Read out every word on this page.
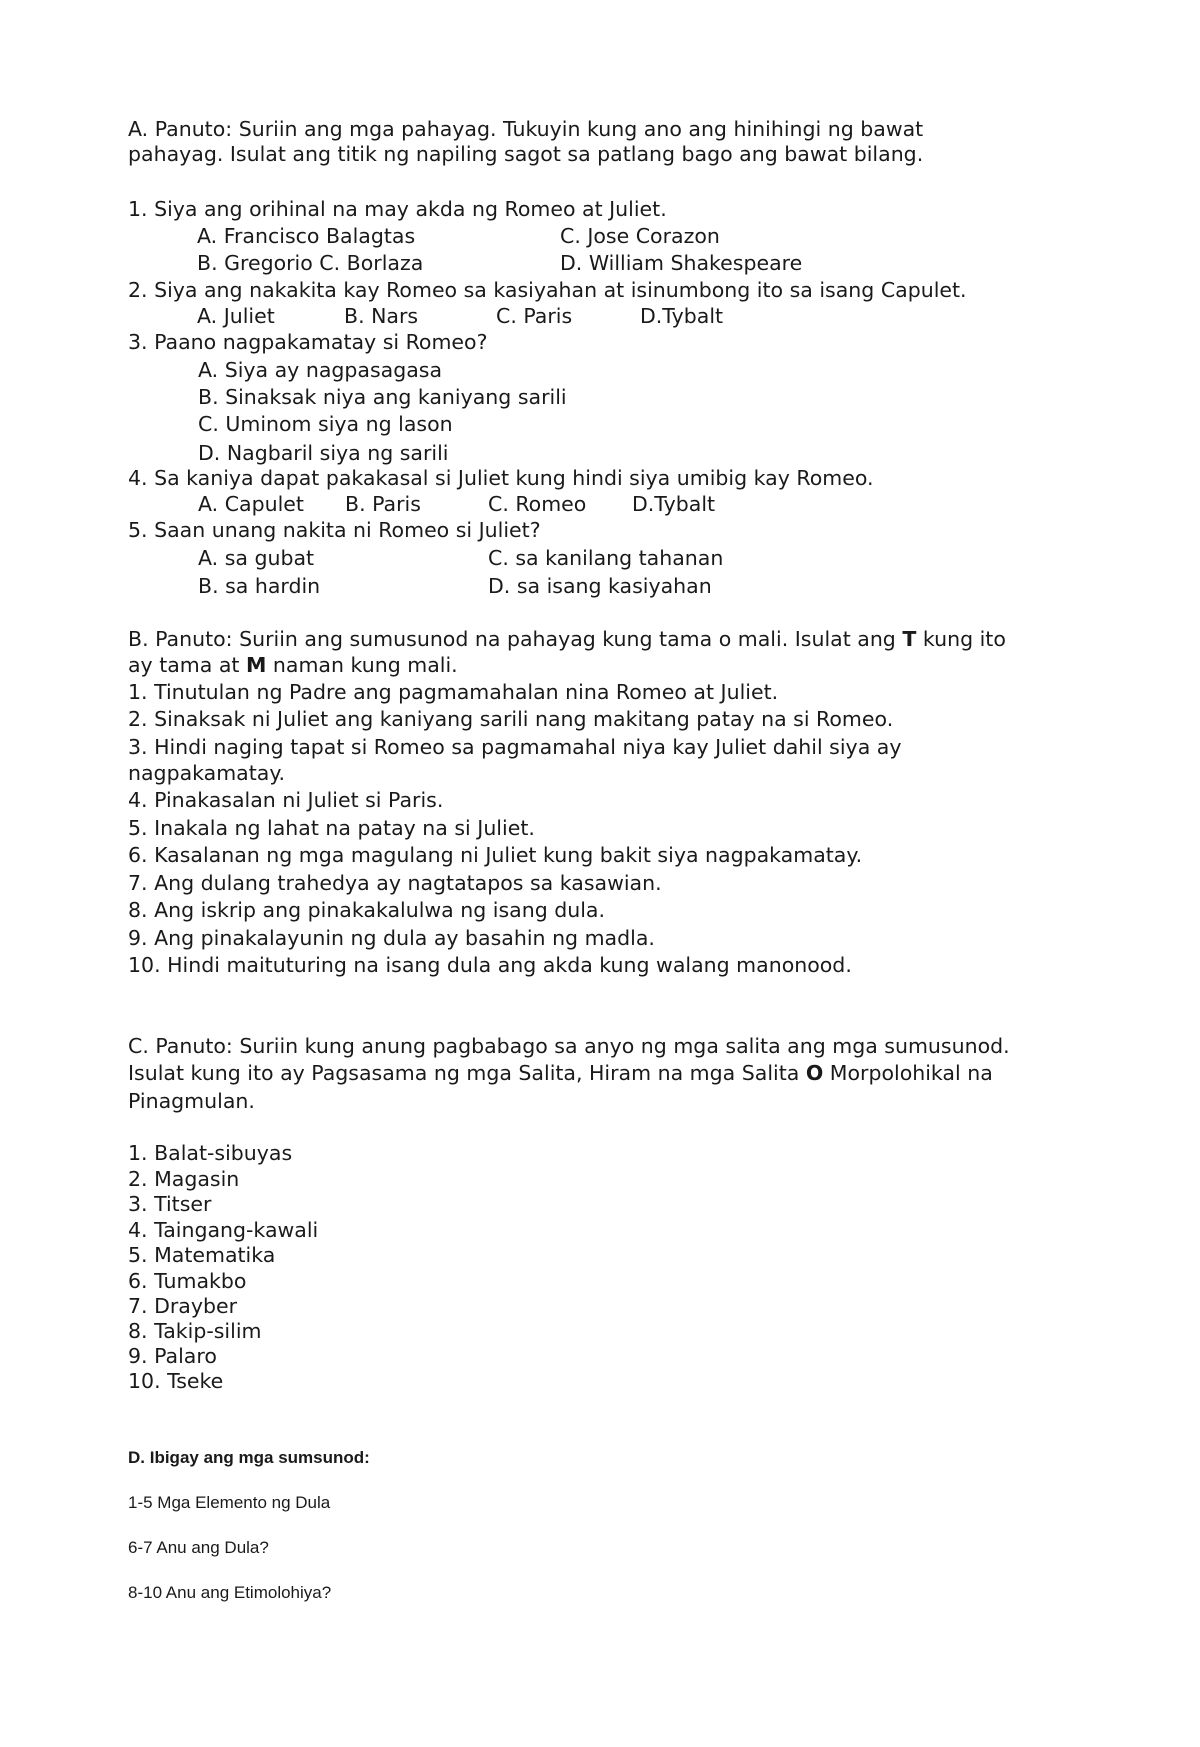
A. Panuto: Suriin ang mga pahayag. Tukuyin kung ano ang hinihingi ng bawat
pahayag. Isulat ang titik ng napiling sagot sa patlang bago ang bawat bilang.
1. Siya ang orihinal na may akda ng Romeo at Juliet.
A. Francisco Balagtas	C. Jose Corazon
B. Gregorio C. Borlaza	D. William Shakespeare
2. Siya ang nakakita kay Romeo sa kasiyahan at isinumbong ito sa isang Capulet.
A. Juliet	B. Nars	C. Paris	D.Tybalt
3. Paano nagpakamatay si Romeo?
A. Siya ay nagpasagasa
B. Sinaksak niya ang kaniyang sarili
C. Uminom siya ng lason
D. Nagbaril siya ng sarili
4. Sa kaniya dapat pakakasal si Juliet kung hindi siya umibig kay Romeo.
A. Capulet B. Paris	C. Romeo D.Tybalt
5. Saan unang nakita ni Romeo si Juliet?
A. sa gubat	C. sa kanilang tahanan
B. sa hardin	D. sa isang kasiyahan
B. Panuto: Suriin ang sumusunod na pahayag kung tama o mali. Isulat ang T kung ito
ay tama at M naman kung mali.
1. Tinutulan ng Padre ang pagmamahalan nina Romeo at Juliet.
2. Sinaksak ni Juliet ang kaniyang sarili nang makitang patay na si Romeo.
3. Hindi naging tapat si Romeo sa pagmamahal niya kay Juliet dahil siya ay
nagpakamatay.
4. Pinakasalan ni Juliet si Paris.
5. Inakala ng lahat na patay na si Juliet.
6. Kasalanan ng mga magulang ni Juliet kung bakit siya nagpakamatay.
7. Ang dulang trahedya ay nagtatapos sa kasawian.
8. Ang iskrip ang pinakakalulwa ng isang dula.
9. Ang pinakalayunin ng dula ay basahin ng madla.
10. Hindi maituturing na isang dula ang akda kung walang manonood.
C. Panuto: Suriin kung anung pagbabago sa anyo ng mga salita ang mga sumusunod.
Isulat kung ito ay Pagsasama ng mga Salita, Hiram na mga Salita O Morpolohikal na
Pinagmulan.
1. Balat-sibuyas
2. Magasin
3. Titser
4. Taingang-kawali
5. Matematika
6. Tumakbo
7. Drayber
8. Takip-silim
9. Palaro
10. Tseke
D. Ibigay ang mga sumsunod:
1-5 Mga Elemento ng Dula
6-7 Anu ang Dula?
8-10 Anu ang Etimolohiya?
